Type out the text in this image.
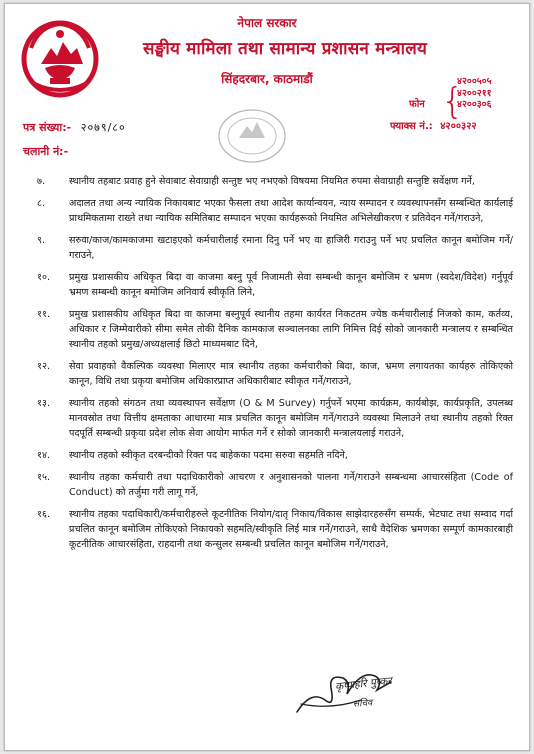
नेपाल सरकार
सङ्घीय मामिला तथा सामान्य प्रशासन मन्त्रालय
सिंहदरबार, काठमाडौं
फोन {
४२००५०५
४२००२११
४२००३०६
फ्याक्स नं.: ४२००३२२
पत्र संख्या:- २०७९/८०
चलानी नं:-
७.	स्थानीय तहबाट प्रवाह हुने सेवाबाट सेवाग्राही सन्तुष्ट भए नभएको विषयमा नियमित रुपमा सेवाग्राही सन्तुष्टि सर्वेक्षण गर्ने,
८.	अदालत तथा अन्य न्यायिक निकायबाट भएका फैसला तथा आदेश कार्यान्वयन, न्याय सम्पादन र व्यवस्थापनसँग सम्बन्धित कार्यलाई प्राथमिकतामा राख्ने तथा न्यायिक समितिबाट सम्पादन भएका कार्यहरूको नियमित अभिलेखीकरण र प्रतिवेदन गर्ने/गराउने,
९.	सरुवा/काज/कामकाजमा खटाइएको कर्मचारीलाई रमाना दिनु पर्ने भए वा हाजिरी गराउनु पर्ने भए प्रचलित कानून बमोजिम गर्ने/गराउने,
१०.	प्रमुख प्रशासकीय अधिकृत बिदा वा काजमा बस्नु पूर्व निजामती सेवा सम्बन्धी कानून बमोजिम र भ्रमण (स्वदेश/विदेश) गर्नुपूर्व भ्रमण सम्बन्धी कानून बमोजिम अनिवार्य स्वीकृति लिने,
११.	प्रमुख प्रशासकीय अधिकृत बिदा वा काजमा बस्नुपूर्व स्थानीय तहमा कार्यरत निकटतम ज्येष्ठ कर्मचारीलाई निजको काम, कर्तव्य, अधिकार र जिम्मेवारीको सीमा समेत तोकी दैनिक कामकाज सञ्चालनका लागि निमित्त दिई सोको जानकारी मन्त्रालय र सम्बन्धित स्थानीय तहको प्रमुख/अध्यक्षलाई छिटो माध्यमबाट दिने,
१२.	सेवा प्रवाहको वैकल्पिक व्यवस्था मिलाएर मात्र स्थानीय तहका कर्मचारीको बिदा, काज, भ्रमण लगायतका कार्यहरु तोकिएको कानून, विधि तथा प्रकृया बमोजिम अधिकारप्राप्त अधिकारीबाट स्वीकृत गर्ने/गराउने,
१३.	स्थानीय तहको संगठन तथा व्यवस्थापन सर्वेक्षण (O & M Survey) गर्नुपर्ने भएमा कार्यक्रम, कार्यबोझ, कार्यप्रकृति, उपलब्ध मानवस्रोत तथा वित्तीय क्षमताका आधारमा मात्र प्रचलित कानून बमोजिम गर्ने/गराउने व्यवस्था मिलाउने तथा स्थानीय तहको रिक्त पदपूर्ति सम्बन्धी प्रकृया प्रदेश लोक सेवा आयोग मार्फत गर्ने र सोको जानकारी मन्त्रालयलाई गराउने,
१४.	स्थानीय तहको स्वीकृत दरबन्दीको रिक्त पद बाहेकका पदमा सरुवा सहमति नदिने,
१५.	स्थानीय तहका कर्मचारी तथा पदाधिकारीको आचरण र अनुशासनको पालना गर्ने/गराउने सम्बन्धमा आचारसंहिता (Code of Conduct) को तर्जुमा गरी लागू गर्ने,
१६.	स्थानीय तहका पदाधिकारी/कर्मचारीहरुले कूटनीतिक नियोग/दातृ निकाय/विकास साझेदारहरुसँग सम्पर्क, भेटघाट तथा सम्वाद गर्दा प्रचलित कानून बमोजिम तोकिएको निकायको सहमति/स्वीकृति लिई मात्र गर्ने/गराउने, साथै वैदेशिक भ्रमणका सम्पूर्ण कामकारबाही कूटनीतिक आचारसंहिता, राहदानी तथा कन्सुलर सम्बन्धी प्रचलित कानून बमोजिम गर्ने/गराउने,
कृष्णहरि पुष्कर
सचिव
